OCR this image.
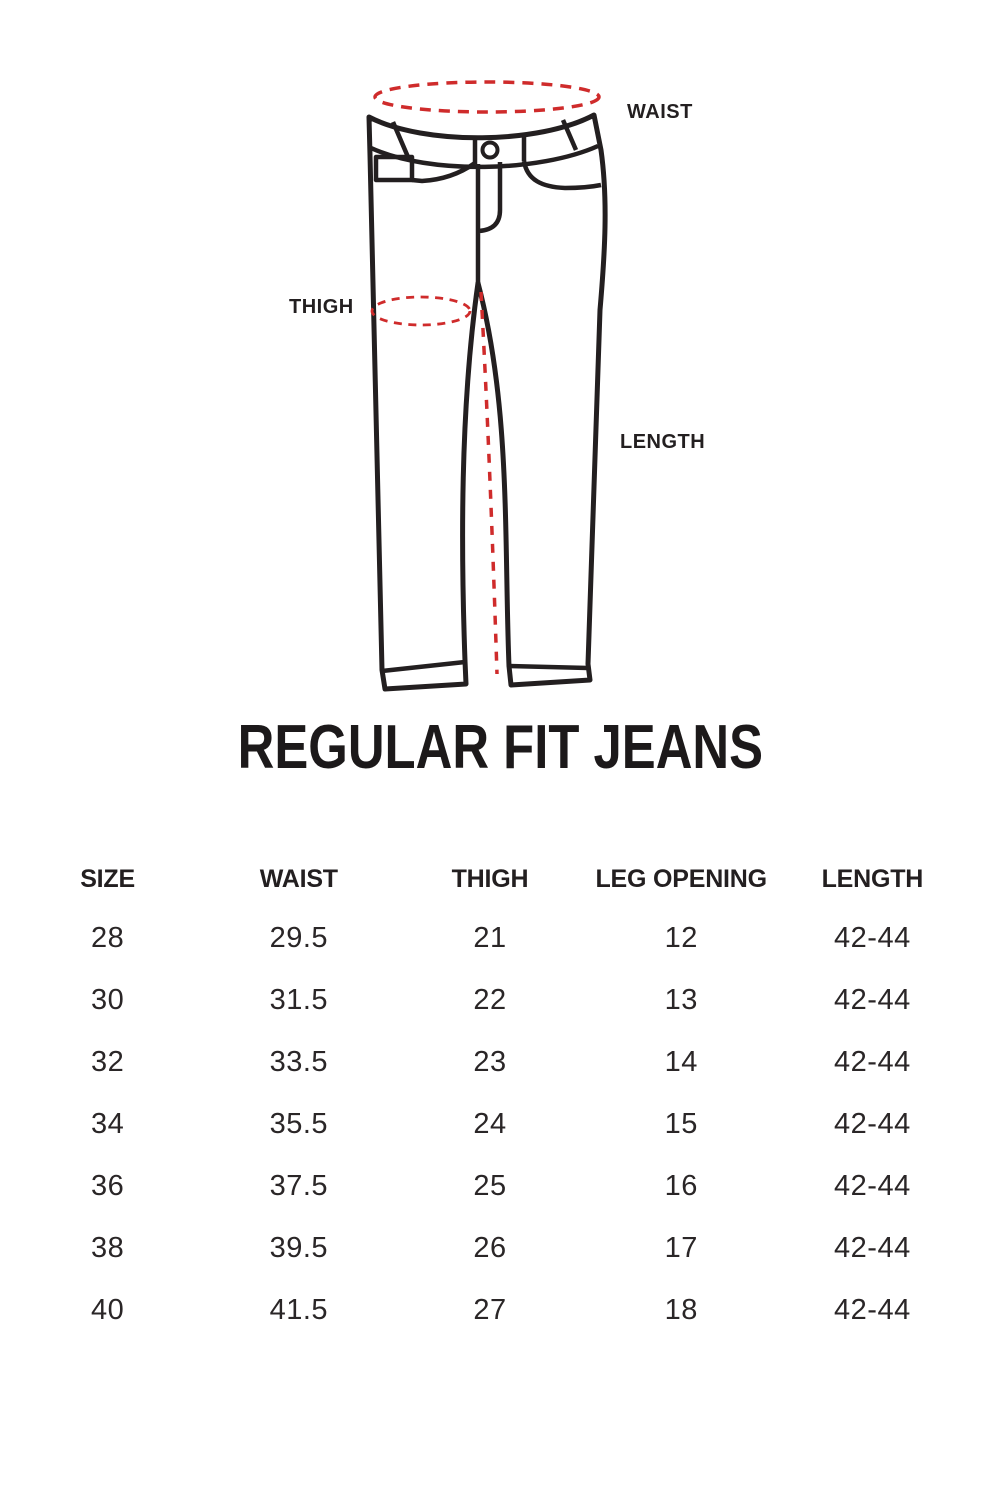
WAIST
THIGH
LENGTH
REGULAR FIT JEANS
SIZE	WAIST	THIGH	LEG OPENING	LENGTH
28	29.5	21	12	42-44
30	31.5	22	13	42-44
32	33.5	23	14	42-44
34	35.5	24	15	42-44
36	37.5	25	16	42-44
38	39.5	26	17	42-44
40	41.5	27	18	42-44
